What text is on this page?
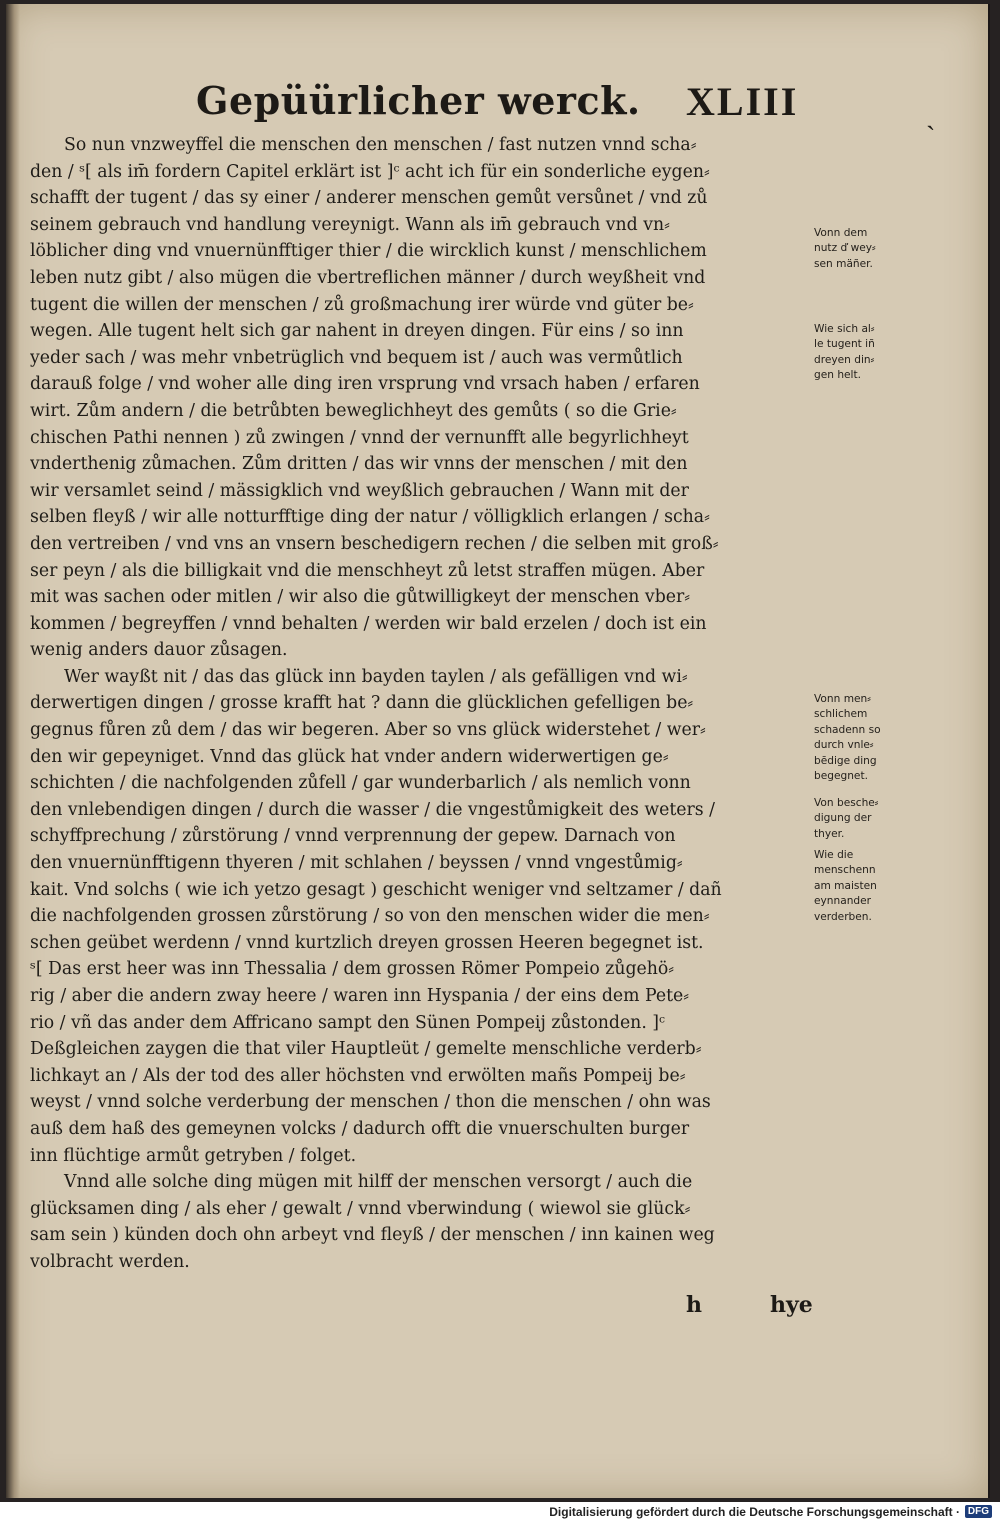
Gepüürlicher werck. XLIII	ˎ
So nun vnzweyffel die menschen den menschen / fast nutzen vnnd scha⸗
den / ˢ[ als im̄ fordern Capitel erklärt ist ]ᶜ acht ich für ein sonderliche eygen⸗
schafft der tugent / das sy einer / anderer menschen gemůt versůnet / vnd zů
seinem gebrauch vnd handlung vereynigt. Wann als im̄ gebrauch vnd vn⸗
löblicher ding vnd vnuernünfftiger thier / die wircklich kunst / menschlichem
leben nutz gibt / also mügen die vbertreflichen männer / durch weyßheit vnd
tugent die willen der menschen / zů großmachung irer würde vnd güter be⸗
wegen. Alle tugent helt sich gar nahent in dreyen dingen. Für eins / so inn
yeder sach / was mehr vnbetrüglich vnd bequem ist / auch was vermůtlich
darauß folge / vnd woher alle ding iren vrsprung vnd vrsach haben / erfaren
wirt. Zům andern / die betrůbten beweglichheyt des gemůts ( so die Grie⸗
chischen Pathi nennen ) zů zwingen / vnnd der vernunfft alle begyrlichheyt
vnderthenig zůmachen. Zům dritten / das wir vnns der menschen / mit den
wir versamlet seind / mässigklich vnd weyßlich gebrauchen / Wann mit der
selben fleyß / wir alle notturfftige ding der natur / völligklich erlangen / scha⸗
den vertreiben / vnd vns an vnsern beschedigern rechen / die selben mit groß⸗
ser peyn / als die billigkait vnd die menschheyt zů letst straffen mügen. Aber
mit was sachen oder mitlen / wir also die gůtwilligkeyt der menschen vber⸗
kommen / begreyffen / vnnd behalten / werden wir bald erzelen / doch ist ein
wenig anders dauor zůsagen.
Wer wayßt nit / das das glück inn bayden taylen / als gefälligen vnd wi⸗
derwertigen dingen / grosse krafft hat ? dann die glücklichen gefelligen be⸗
gegnus fůren zů dem / das wir begeren. Aber so vns glück widerstehet / wer⸗
den wir gepeyniget. Vnnd das glück hat vnder andern widerwertigen ge⸗
schichten / die nachfolgenden zůfell / gar wunderbarlich / als nemlich vonn
den vnlebendigen dingen / durch die wasser / die vngestůmigkeit des weters /
schyffprechung / zůrstörung / vnnd verprennung der gepew. Darnach von
den vnuernünfftigenn thyeren / mit schlahen / beyssen / vnnd vngestůmig⸗
kait. Vnd solchs ( wie ich yetzo gesagt ) geschicht weniger vnd seltzamer / dañ
die nachfolgenden grossen zůrstörung / so von den menschen wider die men⸗
schen geübet werdenn / vnnd kurtzlich dreyen grossen Heeren begegnet ist.
ˢ[ Das erst heer was inn Thessalia / dem grossen Römer Pompeio zůgehö⸗
rig / aber die andern zway heere / waren inn Hyspania / der eins dem Pete⸗
rio / vñ das ander dem Affricano sampt den Sünen Pompeij zůstonden. ]ᶜ
Deßgleichen zaygen die that viler Hauptleüt / gemelte menschliche verderb⸗
lichkayt an / Als der tod des aller höchsten vnd erwölten mañs Pompeij be⸗
weyst / vnnd solche verderbung der menschen / thon die menschen / ohn was
auß dem haß des gemeynen volcks / dadurch offt die vnuerschulten burger
inn flüchtige armůt getryben / folget.
Vnnd alle solche ding mügen mit hilff der menschen versorgt / auch die
glücksamen ding / als eher / gewalt / vnnd vberwindung ( wiewol sie glück⸗
sam sein ) künden doch ohn arbeyt vnd fleyß / der menschen / inn kainen weg
volbracht werden.
Vonn dem
nutz ď wey⸗
sen mäñer.
Wie sich al⸗
le tugent iñ
dreyen din⸗
gen helt.
Vonn men⸗
schlichem
schadenn so
durch vnle⸗
bēdige ding
begegnet.
Von besche⸗
digung der
thyer.
Wie die
menschenn
am maisten
eynnander
verderben.
h	hye
Digitalisierung gefördert durch die Deutsche Forschungsgemeinschaft · DFG
